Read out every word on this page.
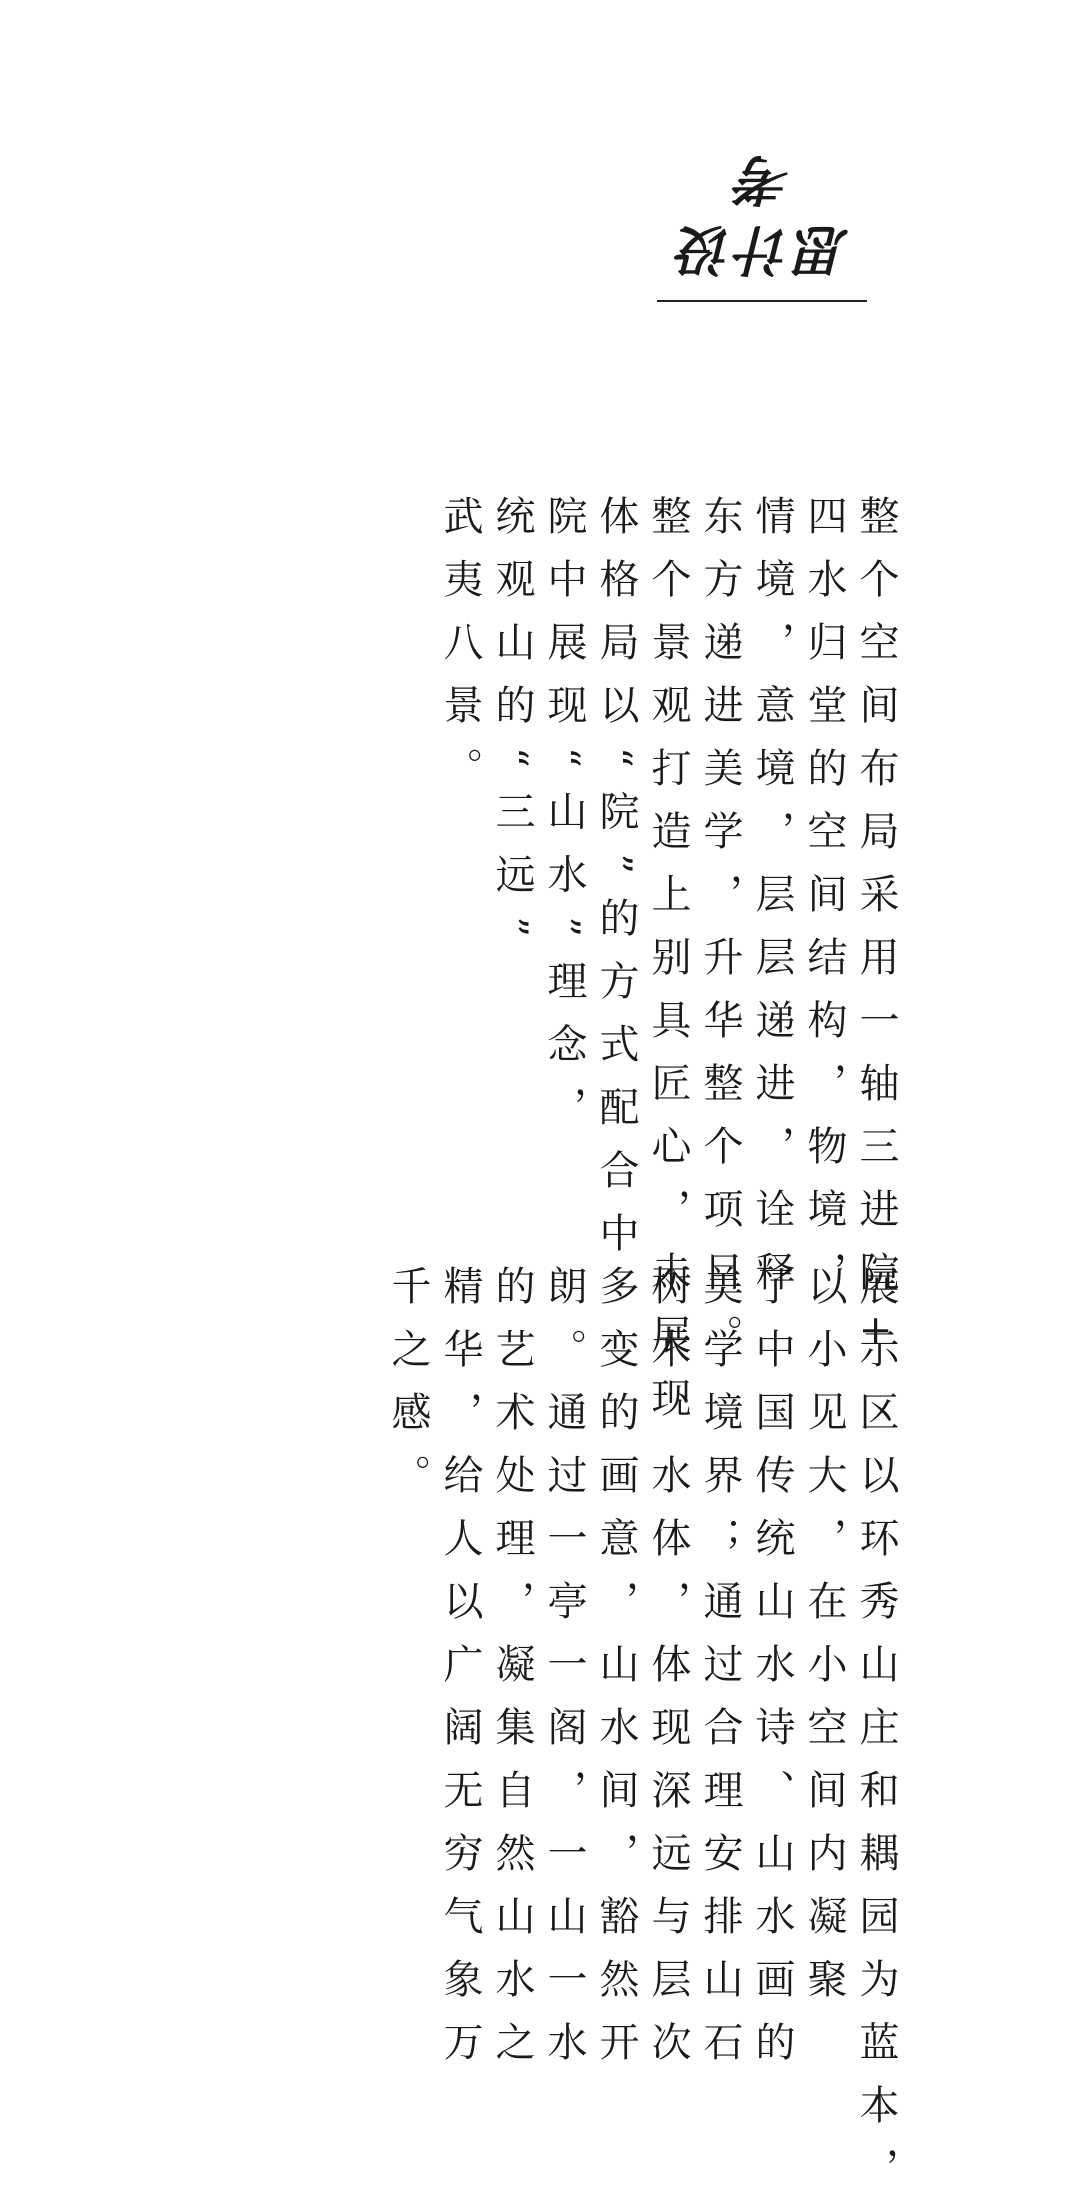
设计思考
整个空间布局采用一轴三进院+
四水归堂的空间结构，物境，
情境，意境，层层递进，诠释
东方递进美学，升华整个项目。
整个景观打造上别具匠心，未展现
体格局以“院”的方式配合中
院中展现“山水”理念，
统观山的“三远”
武夷八景。
展示区以环秀山庄和耦园为蓝本，
以小见大，在小空间内凝聚
了中国传统山水诗、山水画的
美学境界；通过合理安排山石
树木、水体，体现深远与层次
多变的画意，山水间，豁然开
朗。通过一亭一阁，一山一水
的艺术处理，凝集自然山水之
精华，给人以广阔无穷气象万
千之感。
